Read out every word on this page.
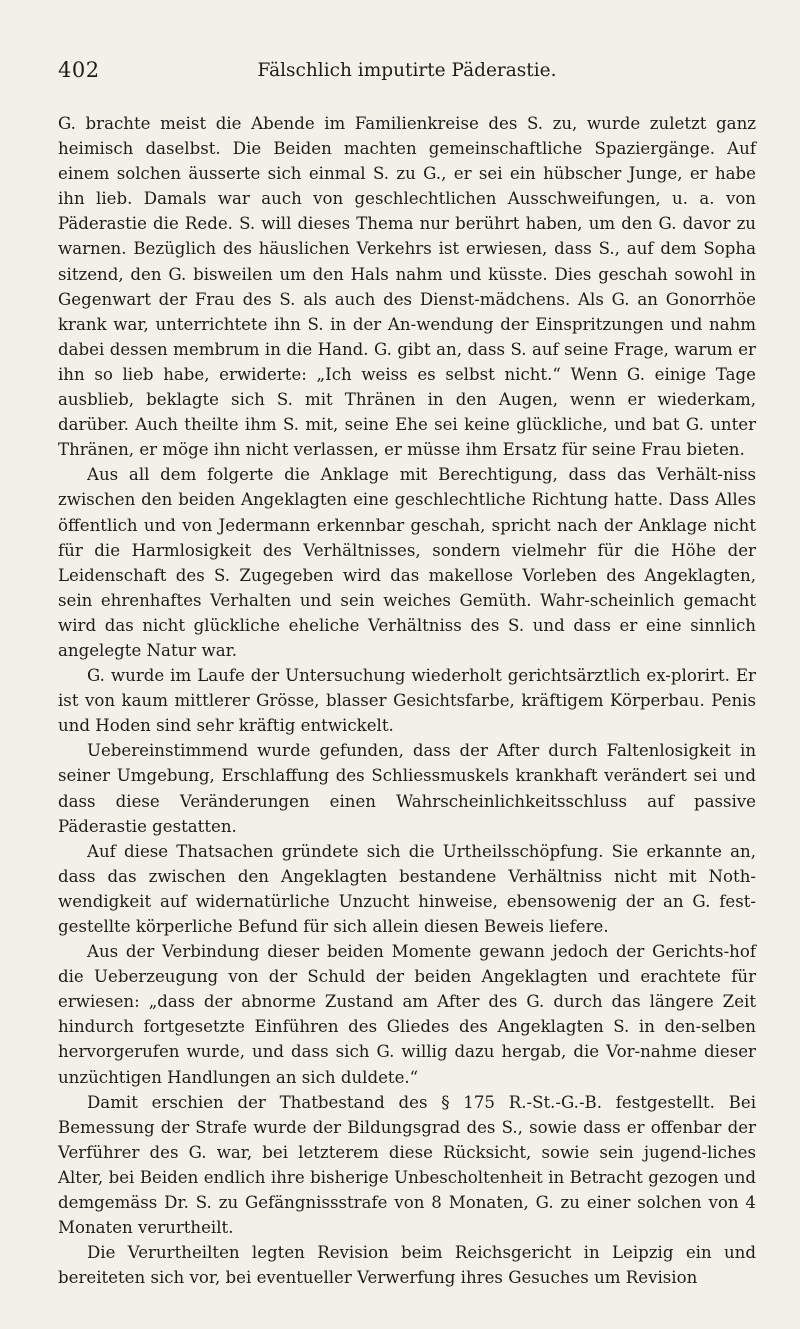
402	Fälschlich imputirte Päderastie.

G. brachte meist die Abende im Familienkreise des S. zu, wurde zuletzt ganz heimisch daselbst. Die Beiden machten gemeinschaftliche Spaziergänge. Auf einem solchen äusserte sich einmal S. zu G., er sei ein hübscher Junge, er habe ihn lieb. Damals war auch von geschlechtlichen Ausschweifungen, u. a. von Päderastie die Rede. S. will dieses Thema nur berührt haben, um den G. davor zu warnen. Bezüglich des häuslichen Verkehrs ist erwiesen, dass S., auf dem Sopha sitzend, den G. bisweilen um den Hals nahm und küsste. Dies geschah sowohl in Gegenwart der Frau des S. als auch des Dienst-mädchens. Als G. an Gonorrhöe krank war, unterrichtete ihn S. in der An-wendung der Einspritzungen und nahm dabei dessen membrum in die Hand. G. gibt an, dass S. auf seine Frage, warum er ihn so lieb habe, erwiderte: „Ich weiss es selbst nicht.“ Wenn G. einige Tage ausblieb, beklagte sich S. mit Thränen in den Augen, wenn er wiederkam, darüber. Auch theilte ihm S. mit, seine Ehe sei keine glückliche, und bat G. unter Thränen, er möge ihn nicht verlassen, er müsse ihm Ersatz für seine Frau bieten.

Aus all dem folgerte die Anklage mit Berechtigung, dass das Verhält-niss zwischen den beiden Angeklagten eine geschlechtliche Richtung hatte. Dass Alles öffentlich und von Jedermann erkennbar geschah, spricht nach der Anklage nicht für die Harmlosigkeit des Verhältnisses, sondern vielmehr für die Höhe der Leidenschaft des S. Zugegeben wird das makellose Vorleben des Angeklagten, sein ehrenhaftes Verhalten und sein weiches Gemüth. Wahr-scheinlich gemacht wird das nicht glückliche eheliche Verhältniss des S. und dass er eine sinnlich angelegte Natur war.

G. wurde im Laufe der Untersuchung wiederholt gerichtsärztlich ex-plorirt. Er ist von kaum mittlerer Grösse, blasser Gesichtsfarbe, kräftigem Körperbau. Penis und Hoden sind sehr kräftig entwickelt.

Uebereinstimmend wurde gefunden, dass der After durch Faltenlosigkeit in seiner Umgebung, Erschlaffung des Schliessmuskels krankhaft verändert sei und dass diese Veränderungen einen Wahrscheinlichkeitsschluss auf passive Päderastie gestatten.

Auf diese Thatsachen gründete sich die Urtheilsschöpfung. Sie erkannte an, dass das zwischen den Angeklagten bestandene Verhältniss nicht mit Noth-wendigkeit auf widernatürliche Unzucht hinweise, ebensowenig der an G. fest-gestellte körperliche Befund für sich allein diesen Beweis liefere.

Aus der Verbindung dieser beiden Momente gewann jedoch der Gerichts-hof die Ueberzeugung von der Schuld der beiden Angeklagten und erachtete für erwiesen: „dass der abnorme Zustand am After des G. durch das längere Zeit hindurch fortgesetzte Einführen des Gliedes des Angeklagten S. in den-selben hervorgerufen wurde, und dass sich G. willig dazu hergab, die Vor-nahme dieser unzüchtigen Handlungen an sich duldete.“

Damit erschien der Thatbestand des § 175 R.-St.-G.-B. festgestellt. Bei Bemessung der Strafe wurde der Bildungsgrad des S., sowie dass er offenbar der Verführer des G. war, bei letzterem diese Rücksicht, sowie sein jugend-liches Alter, bei Beiden endlich ihre bisherige Unbescholtenheit in Betracht gezogen und demgemäss Dr. S. zu Gefängnissstrafe von 8 Monaten, G. zu einer solchen von 4 Monaten verurtheilt.

Die Verurtheilten legten Revision beim Reichsgericht in Leipzig ein und bereiteten sich vor, bei eventueller Verwerfung ihres Gesuches um Revision
